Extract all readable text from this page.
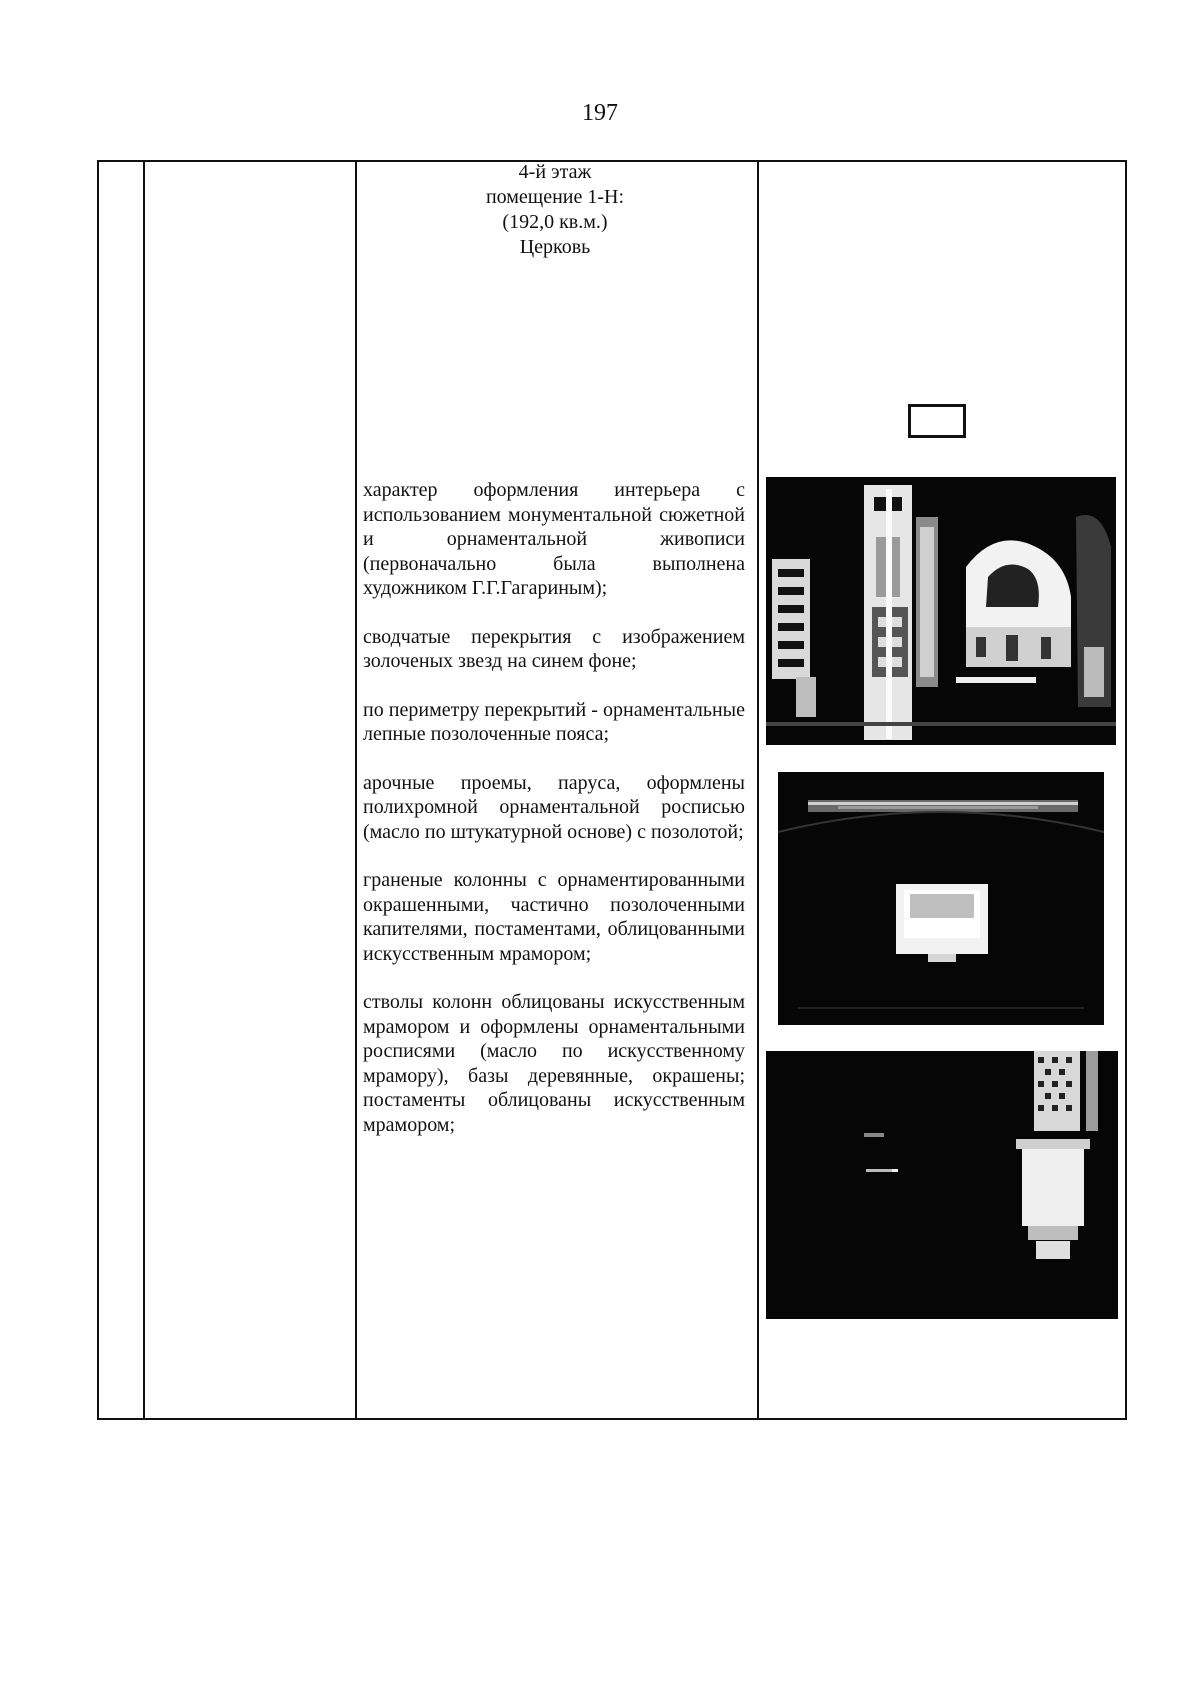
197
4-й этаж
помещение 1-Н:
(192,0 кв.м.)
Церковь

характер оформления интерьера с использованием монументальной сюжетной и орнаментальной живописи (первоначально была выполнена художником Г.Г.Гагариным);

сводчатые перекрытия с изображением золоченых звезд на синем фоне;

по периметру перекрытий - орнаментальные лепные позолоченные пояса;

арочные проемы, паруса, оформлены полихромной орнаментальной росписью (масло по штукатурной основе) с позолотой;

граненые колонны с орнаментированными окрашенными, частично позолоченными капителями, постаментами, облицованными искусственным мрамором;

стволы колонн облицованы искусственным мрамором и оформлены орнаментальными росписями (масло по искусственному мрамору), базы деревянные, окрашены; постаменты облицованы искусственным мрамором;
